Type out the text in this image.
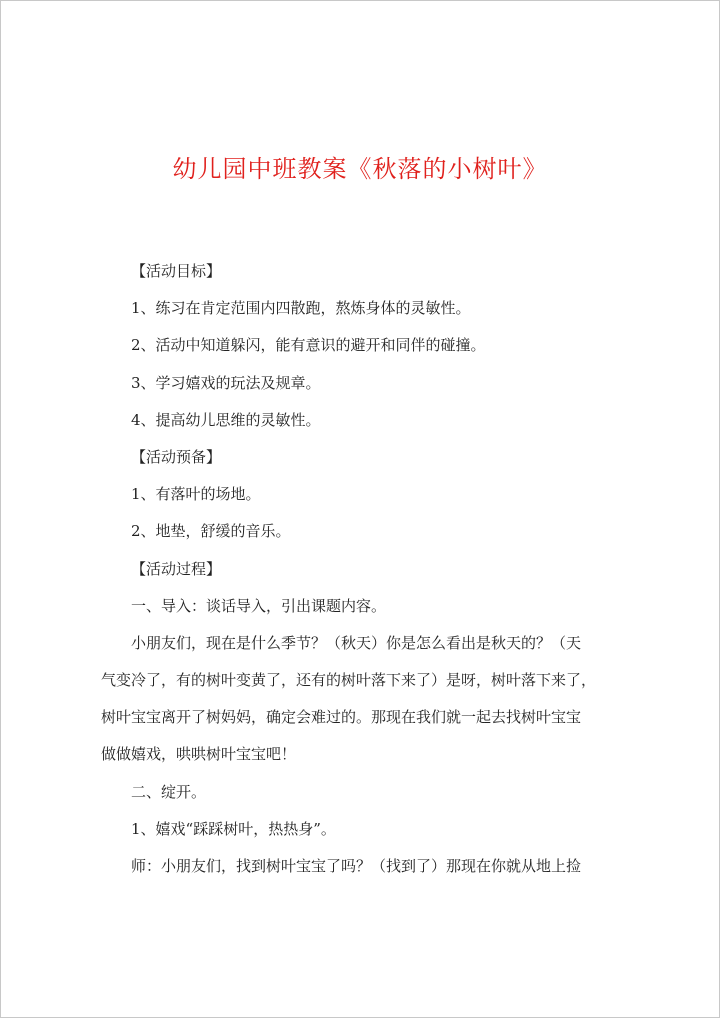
幼儿园中班教案《秋落的小树叶》
【活动目标】
1、练习在肯定范围内四散跑，熬炼身体的灵敏性。
2、活动中知道躲闪，能有意识的避开和同伴的碰撞。
3、学习嬉戏的玩法及规章。
4、提高幼儿思维的灵敏性。
【活动预备】
1、有落叶的场地。
2、地垫，舒缓的音乐。
【活动过程】
一、导入：谈话导入，引出课题内容。
小朋友们，现在是什么季节？（秋天）你是怎么看出是秋天的？（天
气变冷了，有的树叶变黄了，还有的树叶落下来了）是呀，树叶落下来了，
树叶宝宝离开了树妈妈，确定会难过的。那现在我们就一起去找树叶宝宝
做做嬉戏，哄哄树叶宝宝吧！
二、绽开。
1、嬉戏“踩踩树叶，热热身”。
师：小朋友们，找到树叶宝宝了吗？（找到了）那现在你就从地上捡
